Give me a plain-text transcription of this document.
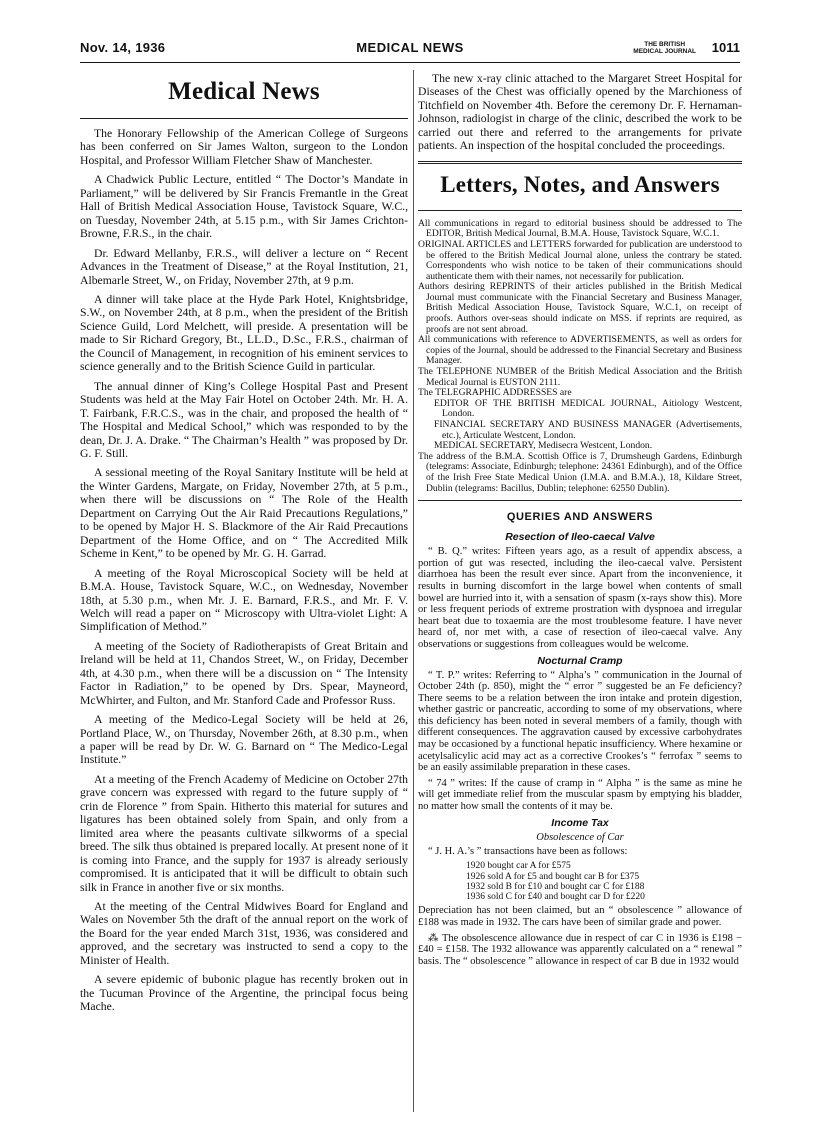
Nov. 14, 1936	MEDICAL NEWS	THE BRITISH
MEDICAL JOURNAL 1011
Medical News

The Honorary Fellowship of the American College of Surgeons has been conferred on Sir James Walton, surgeon to the London Hospital, and Professor William Fletcher Shaw of Manchester.

A Chadwick Public Lecture, entitled “ The Doctor’s Mandate in Parliament,” will be delivered by Sir Francis Fremantle in the Great Hall of British Medical Association House, Tavistock Square, W.C., on Tuesday, November 24th, at 5.15 p.m., with Sir James Crichton-Browne, F.R.S., in the chair.

Dr. Edward Mellanby, F.R.S., will deliver a lecture on “ Recent Advances in the Treatment of Disease,” at the Royal Institution, 21, Albemarle Street, W., on Friday, November 27th, at 9 p.m.

A dinner will take place at the Hyde Park Hotel, Knightsbridge, S.W., on November 24th, at 8 p.m., when the president of the British Science Guild, Lord Melchett, will preside. A presentation will be made to Sir Richard Gregory, Bt., LL.D., D.Sc., F.R.S., chairman of the Council of Management, in recognition of his eminent services to science generally and to the British Science Guild in particular.

The annual dinner of King’s College Hospital Past and Present Students was held at the May Fair Hotel on October 24th. Mr. H. A. T. Fairbank, F.R.C.S., was in the chair, and proposed the health of “ The Hospital and Medical School,” which was responded to by the dean, Dr. J. A. Drake. “ The Chairman’s Health ” was proposed by Dr. G. F. Still.

A sessional meeting of the Royal Sanitary Institute will be held at the Winter Gardens, Margate, on Friday, November 27th, at 5 p.m., when there will be discussions on “ The Role of the Health Department on Carrying Out the Air Raid Precautions Regulations,” to be opened by Major H. S. Blackmore of the Air Raid Precautions Department of the Home Office, and on “ The Accredited Milk Scheme in Kent,” to be opened by Mr. G. H. Garrad.

A meeting of the Royal Microscopical Society will be held at B.M.A. House, Tavistock Square, W.C., on Wednesday, November 18th, at 5.30 p.m., when Mr. J. E. Barnard, F.R.S., and Mr. F. V. Welch will read a paper on “ Microscopy with Ultra-violet Light: A Simplification of Method.”

A meeting of the Society of Radiotherapists of Great Britain and Ireland will be held at 11, Chandos Street, W., on Friday, December 4th, at 4.30 p.m., when there will be a discussion on “ The Intensity Factor in Radiation,” to be opened by Drs. Spear, Mayneord, McWhirter, and Fulton, and Mr. Stanford Cade and Professor Russ.

A meeting of the Medico-Legal Society will be held at 26, Portland Place, W., on Thursday, November 26th, at 8.30 p.m., when a paper will be read by Dr. W. G. Barnard on “ The Medico-Legal Institute.”

At a meeting of the French Academy of Medicine on October 27th grave concern was expressed with regard to the future supply of “ crin de Florence ” from Spain. Hitherto this material for sutures and ligatures has been obtained solely from Spain, and only from a limited area where the peasants cultivate silkworms of a special breed. The silk thus obtained is prepared locally. At present none of it is coming into France, and the supply for 1937 is already seriously compromised. It is anticipated that it will be difficult to obtain such silk in France in another five or six months.

At the meeting of the Central Midwives Board for England and Wales on November 5th the draft of the annual report on the work of the Board for the year ended March 31st, 1936, was considered and approved, and the secretary was instructed to send a copy to the Minister of Health.

A severe epidemic of bubonic plague has recently broken out in the Tucuman Province of the Argentine, the principal focus being Mache.

The new x-ray clinic attached to the Margaret Street Hospital for Diseases of the Chest was officially opened by the Marchioness of Titchfield on November 4th. Before the ceremony Dr. F. Hernaman-Johnson, radiologist in charge of the clinic, described the work to be carried out there and referred to the arrangements for private patients. An inspection of the hospital concluded the proceedings.

Letters, Notes, and Answers

All communications in regard to editorial business should be addressed to The EDITOR, British Medical Journal, B.M.A. House, Tavistock Square, W.C.1.

ORIGINAL ARTICLES and LETTERS forwarded for publication are understood to be offered to the British Medical Journal alone, unless the contrary be stated. Correspondents who wish notice to be taken of their communications should authenticate them with their names, not necessarily for publication.

Authors desiring REPRINTS of their articles published in the British Medical Journal must communicate with the Financial Secretary and Business Manager, British Medical Association House, Tavistock Square, W.C.1, on receipt of proofs. Authors over-seas should indicate on MSS. if reprints are required, as proofs are not sent abroad.

All communications with reference to ADVERTISEMENTS, as well as orders for copies of the Journal, should be addressed to the Financial Secretary and Business Manager.

The TELEPHONE NUMBER of the British Medical Association and the British Medical Journal is EUSTON 2111.

The TELEGRAPHIC ADDRESSES are

EDITOR OF THE BRITISH MEDICAL JOURNAL, Aitiology Westcent, London.

FINANCIAL SECRETARY AND BUSINESS MANAGER (Advertisements, etc.), Articulate Westcent, London.

MEDICAL SECRETARY, Medisecra Westcent, London.

The address of the B.M.A. Scottish Office is 7, Drumsheugh Gardens, Edinburgh (telegrams: Associate, Edinburgh; telephone: 24361 Edinburgh), and of the Office of the Irish Free State Medical Union (I.M.A. and B.M.A.), 18, Kildare Street, Dublin (telegrams: Bacillus, Dublin; telephone: 62550 Dublin).

QUERIES AND ANSWERS
Resection of Ileo-caecal Valve

“ B. Q.” writes: Fifteen years ago, as a result of appendix abscess, a portion of gut was resected, including the ileo-caecal valve. Persistent diarrhoea has been the result ever since. Apart from the inconvenience, it results in burning discomfort in the large bowel when contents of small bowel are hurried into it, with a sensation of spasm (x-rays show this). More or less frequent periods of extreme prostration with dyspnoea and irregular heart beat due to toxaemia are the most troublesome feature. I have never heard of, nor met with, a case of resection of ileo-caecal valve. Any observations or suggestions from colleagues would be welcome.

Nocturnal Cramp

“ T. P.” writes: Referring to “ Alpha’s ” communication in the Journal of October 24th (p. 850), might the “ error ” suggested be an Fe deficiency? There seems to be a relation between the iron intake and protein digestion, whether gastric or pancreatic, according to some of my observations, where this deficiency has been noted in several members of a family, though with different consequences. The aggravation caused by excessive carbohydrates may be occasioned by a functional hepatic insufficiency. Where hexamine or acetylsalicylic acid may act as a corrective Crookes’s “ ferrofax ” seems to be an easily assimilable preparation in these cases.

“ 74 ” writes: If the cause of cramp in “ Alpha ” is the same as mine he will get immediate relief from the muscular spasm by emptying his bladder, no matter how small the contents of it may be.

Income Tax
Obsolescence of Car

“ J. H. A.’s ” transactions have been as follows:

1920 bought car A for £575
1926 sold A for £5 and bought car B for £375
1932 sold B for £10 and bought car C for £188
1936 sold C for £40 and bought car D for £220

Depreciation has not been claimed, but an “ obsolescence ” allowance of £188 was made in 1932. The cars have been of similar grade and power.

⁂ The obsolescence allowance due in respect of car C in 1936 is £198 − £40 = £158. The 1932 allowance was apparently calculated on a “ renewal ” basis. The “ obsolescence ” allowance in respect of car B due in 1932 would
